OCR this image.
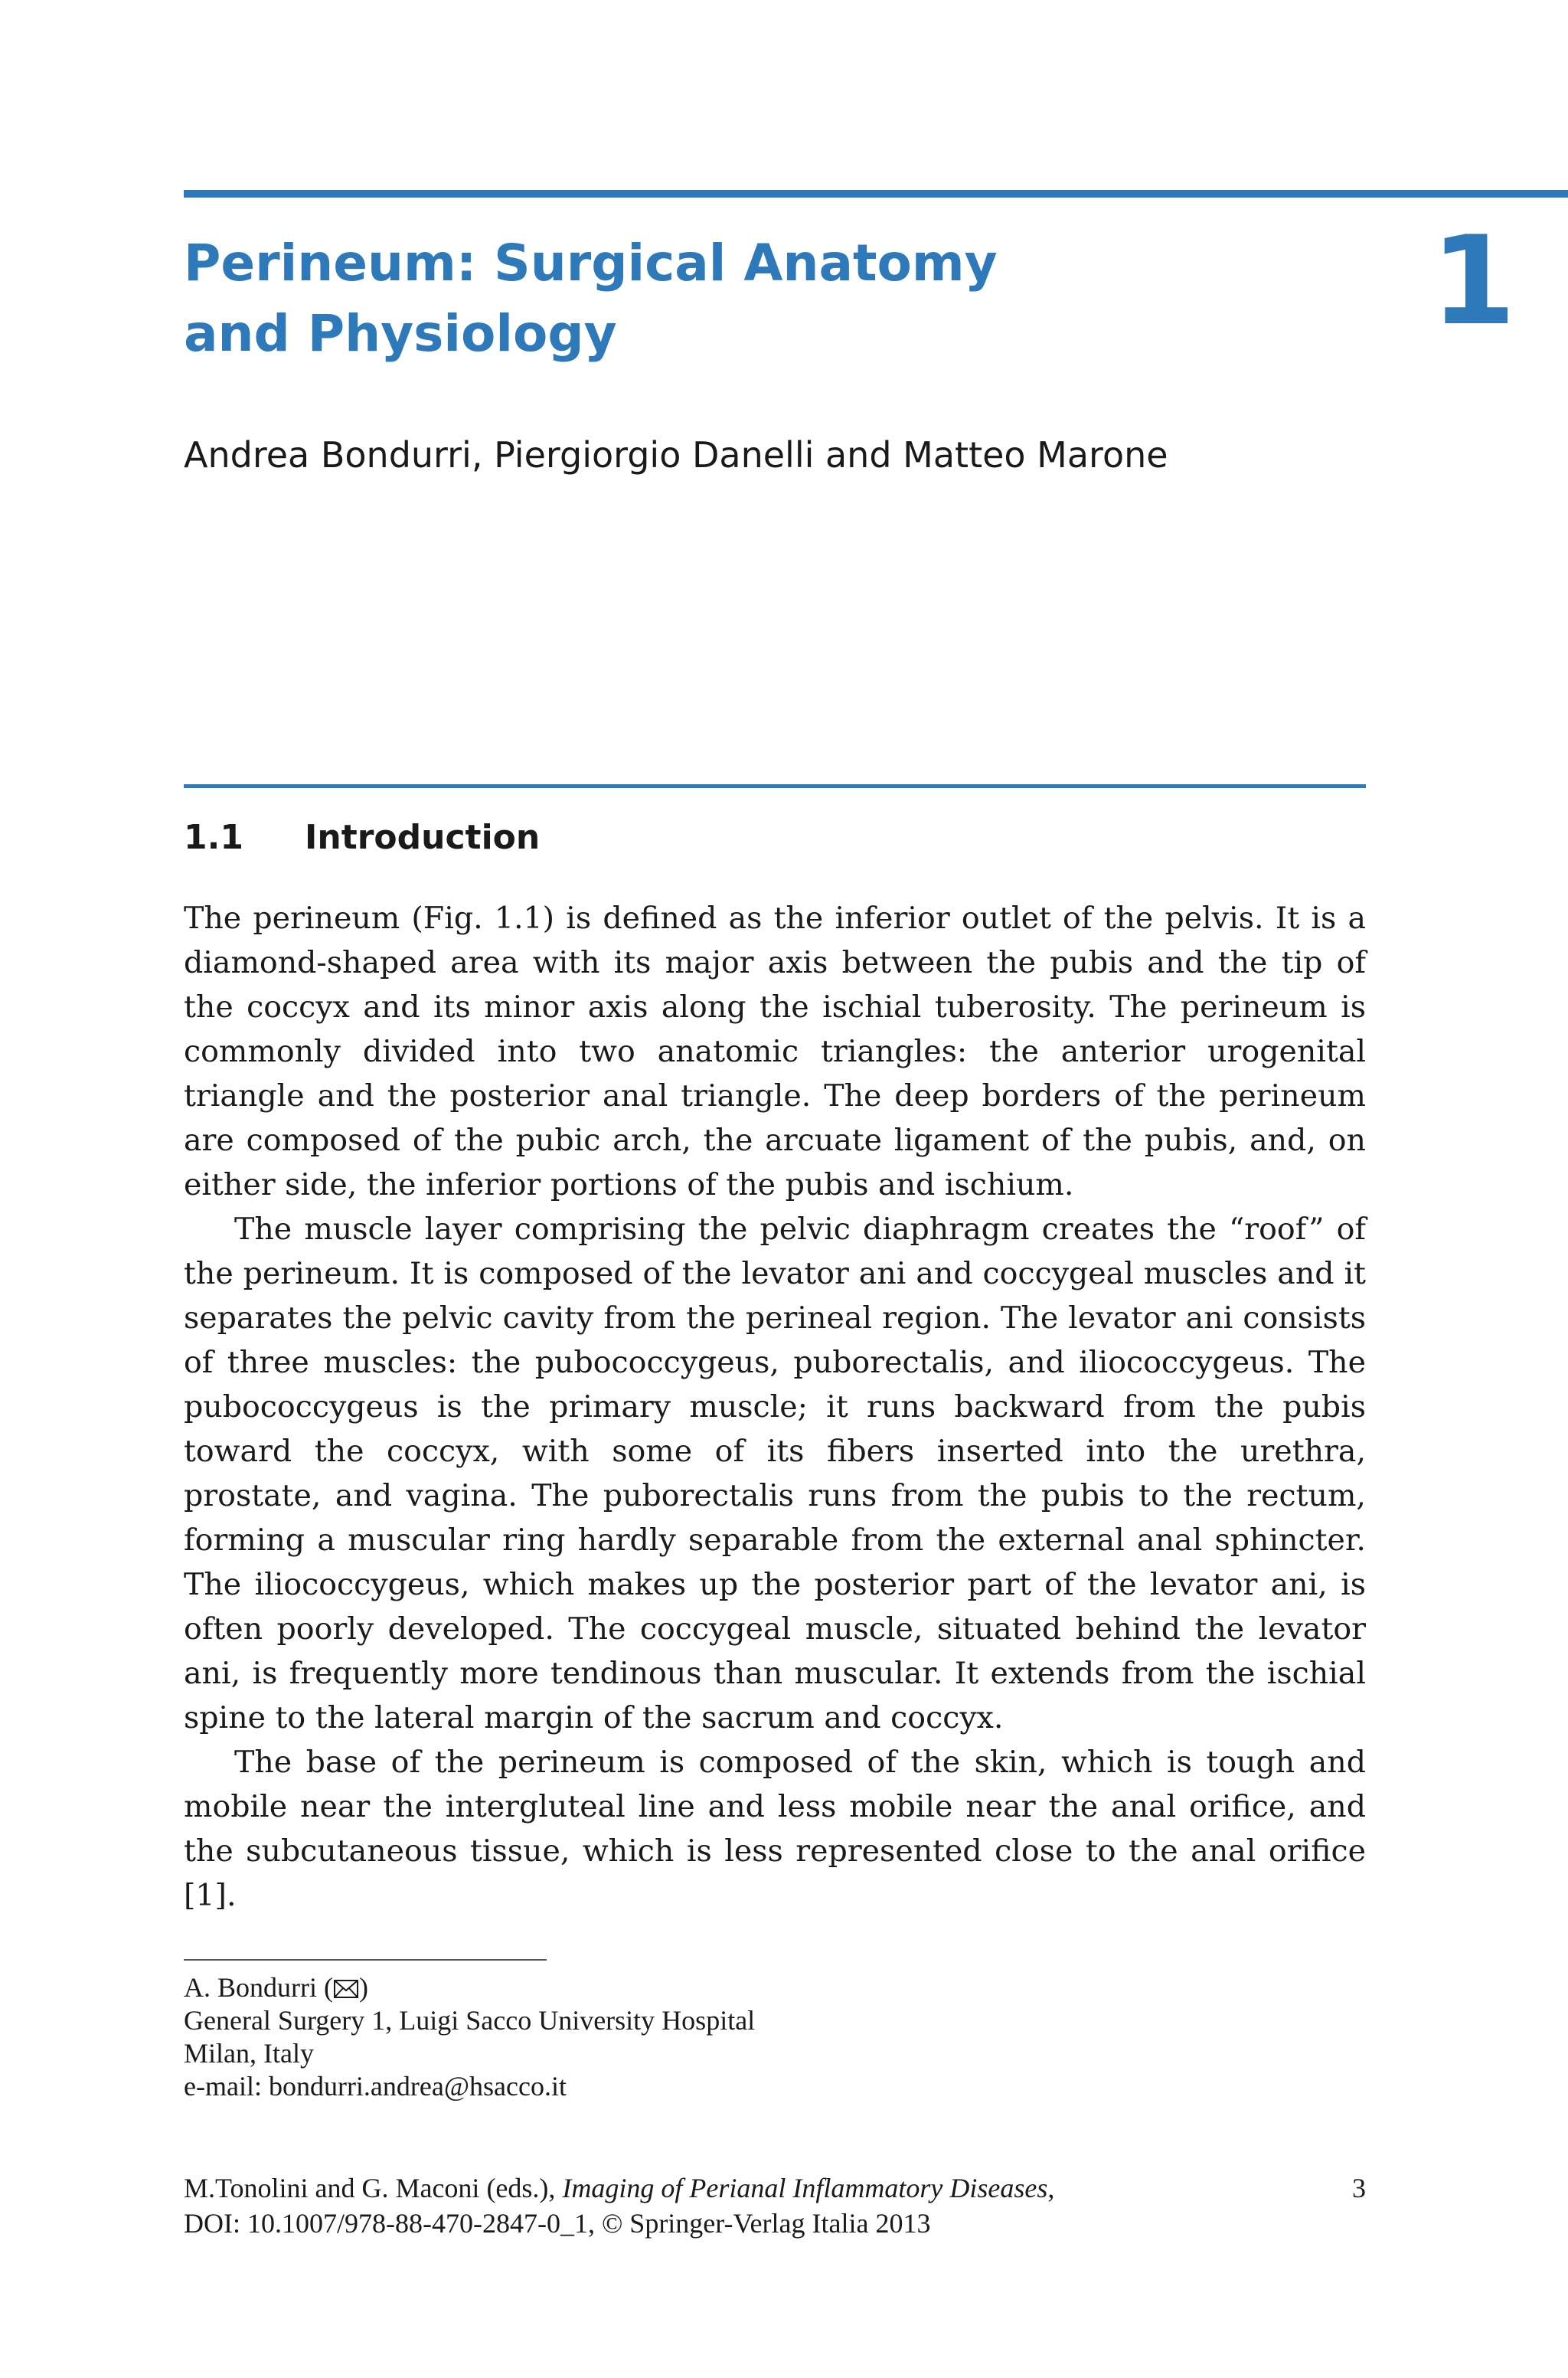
Perineum: Surgical Anatomy
and Physiology	1
Andrea Bondurri, Piergiorgio Danelli and Matteo Marone
1.1 Introduction

The perineum (Fig. 1.1) is defined as the inferior outlet of the pelvis. It is a diamond-shaped area with its major axis between the pubis and the tip of the coccyx and its minor axis along the ischial tuberosity. The perineum is commonly divided into two anatomic triangles: the anterior urogenital triangle and the posterior anal triangle. The deep borders of the perineum are composed of the pubic arch, the arcuate ligament of the pubis, and, on either side, the inferior portions of the pubis and ischium.

The muscle layer comprising the pelvic diaphragm creates the “roof” of the perineum. It is composed of the levator ani and coccygeal muscles and it separates the pelvic cavity from the perineal region. The levator ani consists of three muscles: the pubococcygeus, puborectalis, and iliococcygeus. The pubococcygeus is the primary muscle; it runs backward from the pubis toward the coccyx, with some of its fibers inserted into the urethra, prostate, and vagina. The puborectalis runs from the pubis to the rectum, forming a muscular ring hardly separable from the external anal sphincter. The iliococcygeus, which makes up the posterior part of the levator ani, is often poorly developed. The coccygeal muscle, situated behind the levator ani, is frequently more tendinous than muscular. It extends from the ischial spine to the lateral margin of the sacrum and coccyx.

The base of the perineum is composed of the skin, which is tough and mobile near the intergluteal line and less mobile near the anal orifice, and the subcutaneous tissue, which is less represented close to the anal orifice [1].

A. Bondurri ( )
General Surgery 1, Luigi Sacco University Hospital
Milan, Italy
e-mail: bondurri.andrea@hsacco.it
M.Tonolini and G. Maconi (eds.), Imaging of Perianal Inflammatory Diseases,
DOI: 10.1007/978-88-470-2847-0_1, © Springer-Verlag Italia 2013
3
